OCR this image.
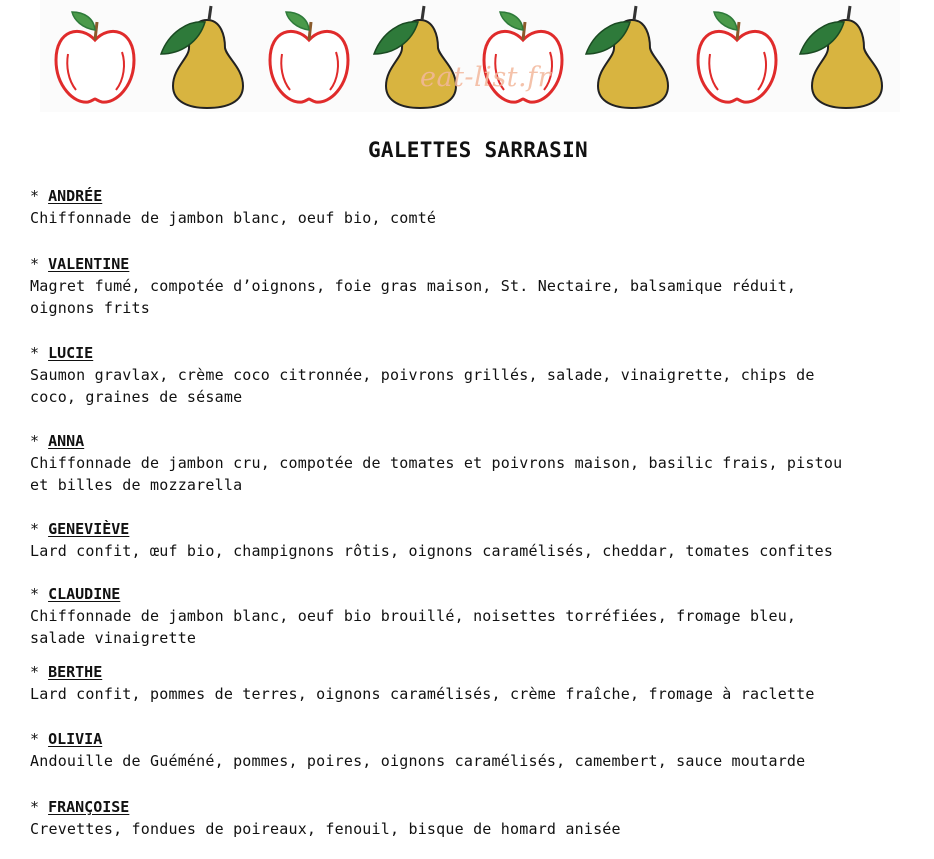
eat-list.fr
GALETTES SARRASIN
* ANDRÉE
Chiffonnade de jambon blanc, oeuf bio, comté
* VALENTINE
Magret fumé, compotée d’oignons, foie gras maison, St. Nectaire, balsamique réduit,
oignons frits
* LUCIE
Saumon gravlax, crème coco citronnée, poivrons grillés, salade, vinaigrette, chips de
coco, graines de sésame
* ANNA
Chiffonnade de jambon cru, compotée de tomates et poivrons maison, basilic frais, pistou
et billes de mozzarella
* GENEVIÈVE
Lard confit, œuf bio, champignons rôtis, oignons caramélisés, cheddar, tomates confites
* CLAUDINE
Chiffonnade de jambon blanc, oeuf bio brouillé, noisettes torréfiées, fromage bleu,
salade vinaigrette
* BERTHE
Lard confit, pommes de terres, oignons caramélisés, crème fraîche, fromage à raclette
* OLIVIA
Andouille de Guéméné, pommes, poires, oignons caramélisés, camembert, sauce moutarde
* FRANÇOISE
Crevettes, fondues de poireaux, fenouil, bisque de homard anisée
